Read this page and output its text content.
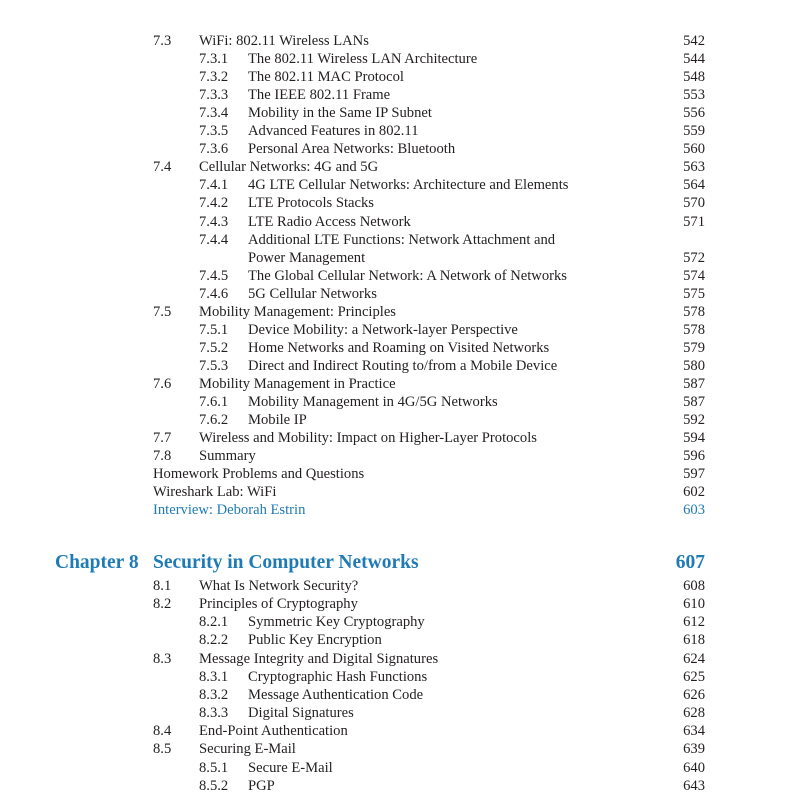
7.3 WiFi: 802.11 Wireless LANs	542
7.3.1 The 802.11 Wireless LAN Architecture	544
7.3.2 The 802.11 MAC Protocol	548
7.3.3 The IEEE 802.11 Frame	553
7.3.4 Mobility in the Same IP Subnet	556
7.3.5 Advanced Features in 802.11	559
7.3.6 Personal Area Networks: Bluetooth	560
7.4 Cellular Networks: 4G and 5G	563
7.4.1 4G LTE Cellular Networks: Architecture and Elements	564
7.4.2 LTE Protocols Stacks	570
7.4.3 LTE Radio Access Network	571
7.4.4 Additional LTE Functions: Network Attachment and
Power Management	572
7.4.5 The Global Cellular Network: A Network of Networks	574
7.4.6 5G Cellular Networks	575
7.5 Mobility Management: Principles	578
7.5.1 Device Mobility: a Network-layer Perspective	578
7.5.2 Home Networks and Roaming on Visited Networks	579
7.5.3 Direct and Indirect Routing to/from a Mobile Device	580
7.6 Mobility Management in Practice	587
7.6.1 Mobility Management in 4G/5G Networks	587
7.6.2 Mobile IP	592
7.7 Wireless and Mobility: Impact on Higher-Layer Protocols	594
7.8 Summary	596
Homework Problems and Questions	597
Wireshark Lab: WiFi	602
Interview: Deborah Estrin	603
Chapter 8 Security in Computer Networks	607
8.1 What Is Network Security?	608
8.2 Principles of Cryptography	610
8.2.1 Symmetric Key Cryptography	612
8.2.2 Public Key Encryption	618
8.3 Message Integrity and Digital Signatures	624
8.3.1 Cryptographic Hash Functions	625
8.3.2 Message Authentication Code	626
8.3.3 Digital Signatures	628
8.4 End-Point Authentication	634
8.5 Securing E-Mail	639
8.5.1 Secure E-Mail	640
8.5.2 PGP	643
